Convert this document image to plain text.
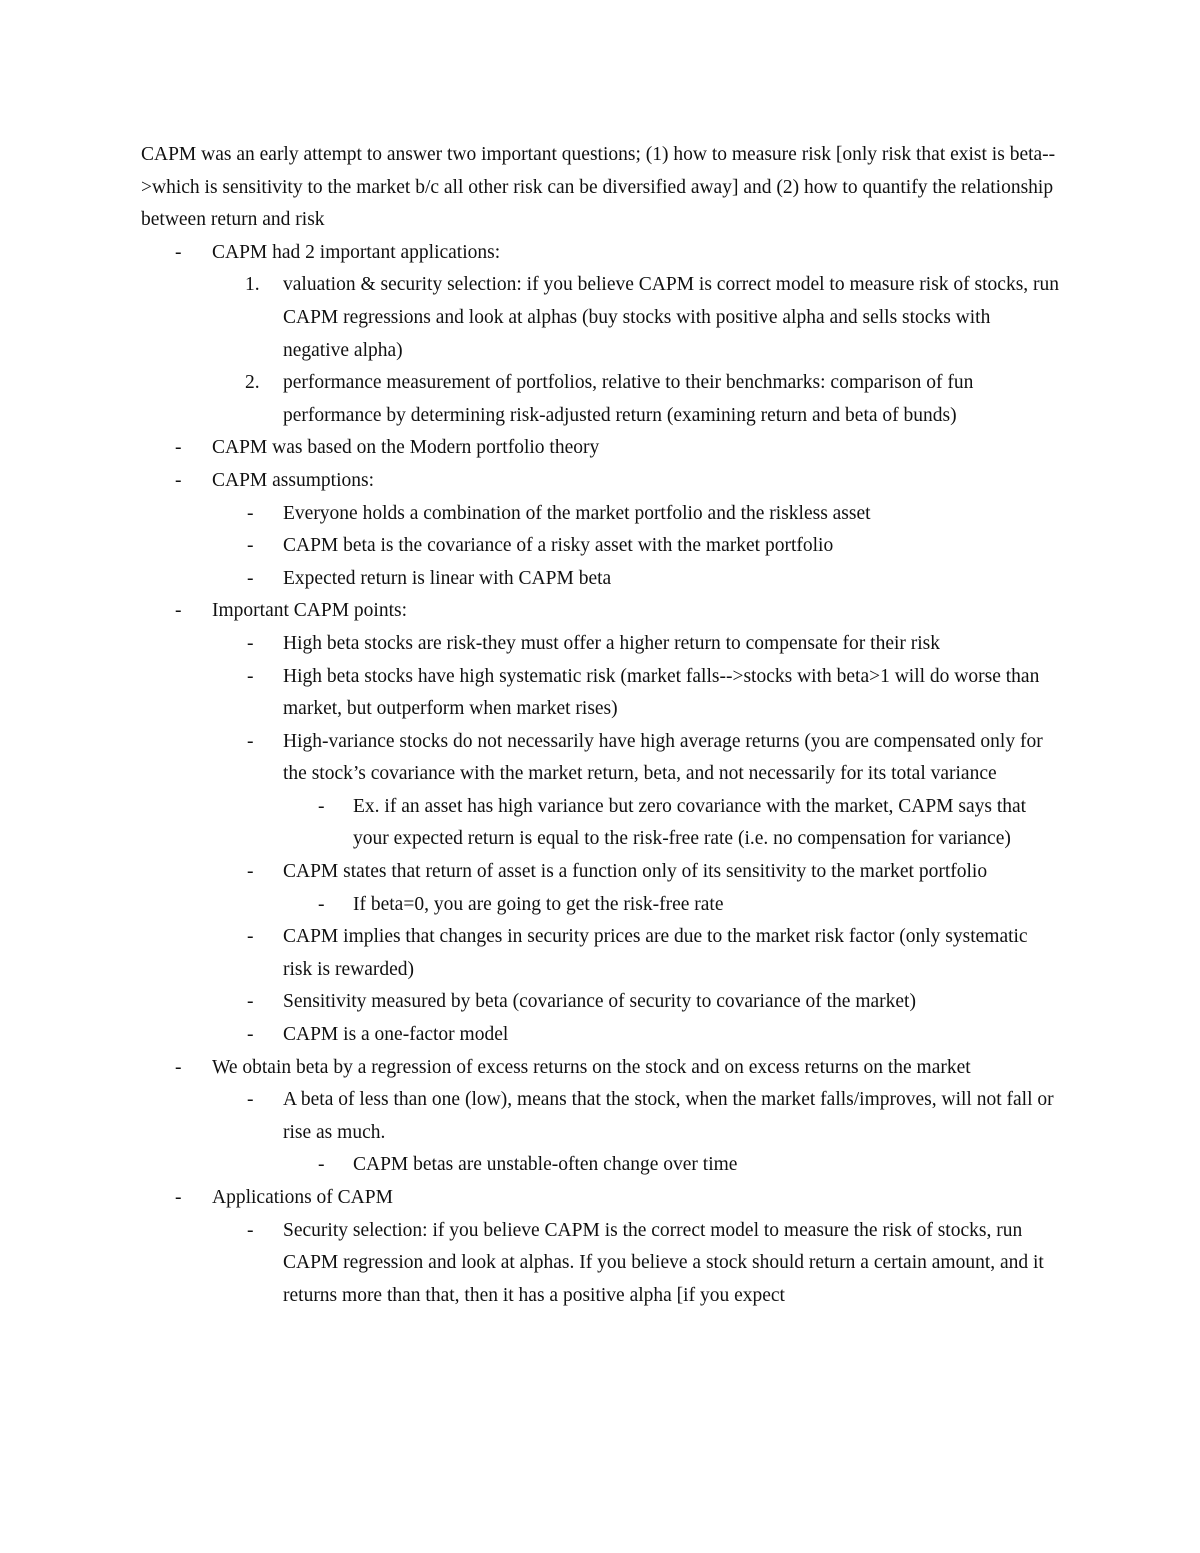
CAPM was an early attempt to answer two important questions; (1) how to measure risk [only risk that exist is beta-->which is sensitivity to the market b/c all other risk can be diversified away] and (2) how to quantify the relationship between return and risk

- CAPM had 2 important applications:
1. valuation & security selection: if you believe CAPM is correct model to measure risk of stocks, run CAPM regressions and look at alphas (buy stocks with positive alpha and sells stocks with negative alpha)
2. performance measurement of portfolios, relative to their benchmarks: comparison of fun performance by determining risk-adjusted return (examining return and beta of bunds)
- CAPM was based on the Modern portfolio theory
- CAPM assumptions:
- Everyone holds a combination of the market portfolio and the riskless asset
- CAPM beta is the covariance of a risky asset with the market portfolio
- Expected return is linear with CAPM beta
- Important CAPM points:
- High beta stocks are risk-they must offer a higher return to compensate for their risk
- High beta stocks have high systematic risk (market falls-->stocks with beta>1 will do worse than market, but outperform when market rises)
- High-variance stocks do not necessarily have high average returns (you are compensated only for the stock’s covariance with the market return, beta, and not necessarily for its total variance
- Ex. if an asset has high variance but zero covariance with the market, CAPM says that your expected return is equal to the risk-free rate (i.e. no compensation for variance)
- CAPM states that return of asset is a function only of its sensitivity to the market portfolio
- If beta=0, you are going to get the risk-free rate
- CAPM implies that changes in security prices are due to the market risk factor (only systematic risk is rewarded)
- Sensitivity measured by beta (covariance of security to covariance of the market)
- CAPM is a one-factor model
- We obtain beta by a regression of excess returns on the stock and on excess returns on the market
- A beta of less than one (low), means that the stock, when the market falls/improves, will not fall or rise as much.
- CAPM betas are unstable-often change over time
- Applications of CAPM
- Security selection: if you believe CAPM is the correct model to measure the risk of stocks, run CAPM regression and look at alphas. If you believe a stock should return a certain amount, and it returns more than that, then it has a positive alpha [if you expect
